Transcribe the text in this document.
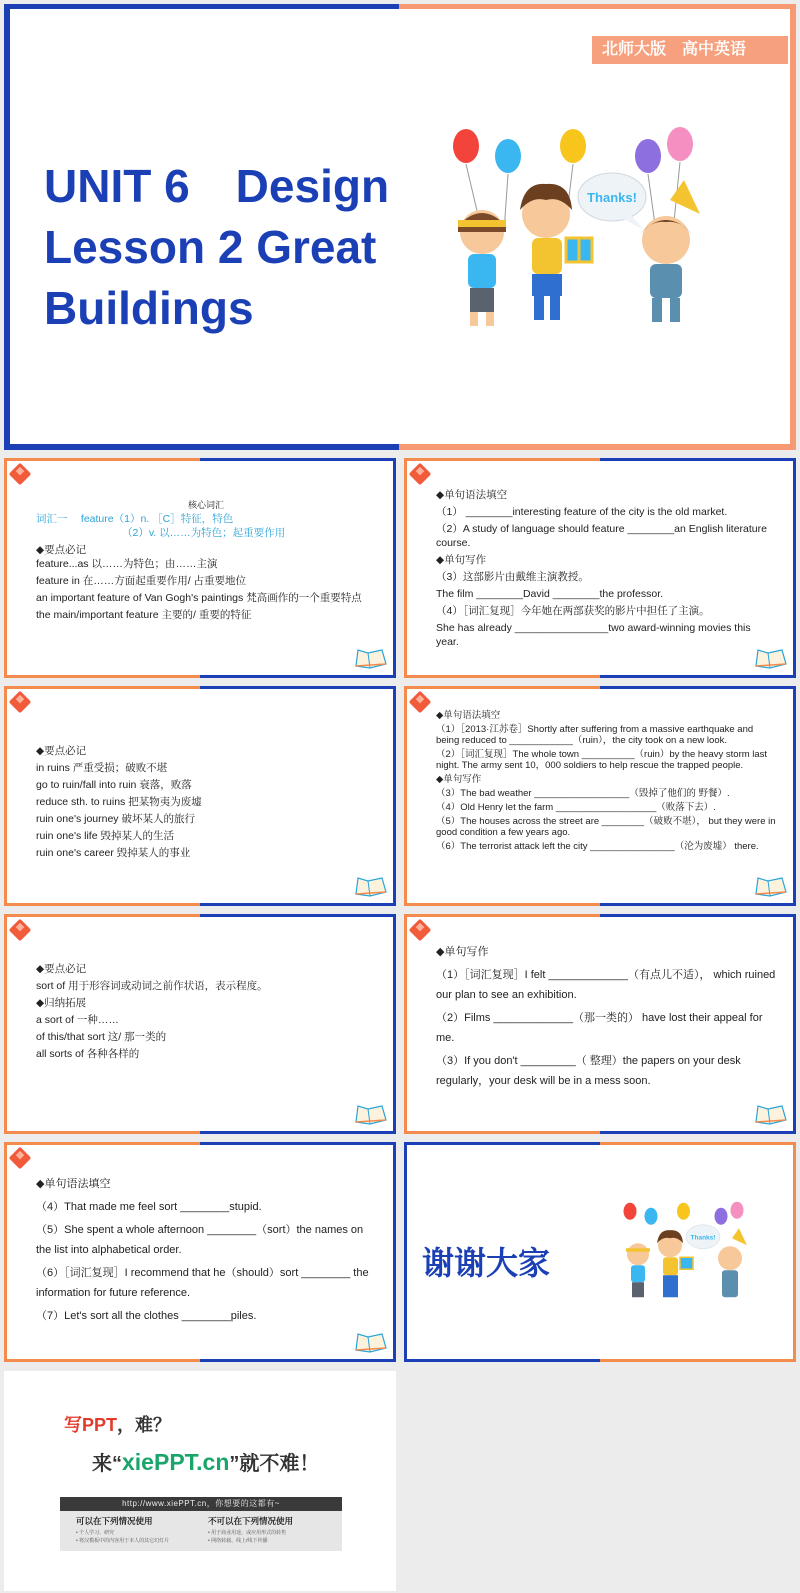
北师大版　高中英语
UNIT 6　Design
Lesson 2 Great
Buildings
Thanks!

核心词汇

词汇一　 feature（1）n. ［C］特征，特色

（2）v. 以……为特色；起重要作用

◆要点必记

feature...as 以……为特色；由……主演

feature in 在……方面起重要作用/ 占重要地位

an important feature of Van Gogh's paintings 梵高画作的一个重要特点

the main/important feature 主要的/ 重要的特征

◆单句语法填空

（1） ________interesting feature of the city is the old market.

（2）A study of language should feature ________an English literature course.

◆单句写作

（3）这部影片由戴维主演教授。

The film ________David ________the professor.

（4）［词汇复现］今年她在两部获奖的影片中担任了主演。

She has already ________________two award-winning movies this year.

◆要点必记

in ruins 严重受损；破败不堪

go to ruin/fall into ruin 衰落，败落

reduce sth. to ruins 把某物夷为废墟

ruin one's journey 破坏某人的旅行

ruin one's life 毁掉某人的生活

ruin one's career 毁掉某人的事业

◆单句语法填空

（1）［2013·江苏卷］Shortly after suffering from a massive earthquake and being reduced to ____________（ruin），the city took on a new look.

（2）［词汇复现］The whole town __________（ruin）by the heavy storm last night. The army sent 10，000 soldiers to help rescue the trapped people.

◆单句写作

（3）The bad weather __________________（毁掉了他们的 野餐）.

（4）Old Henry let the farm ___________________（败落下去）.

（5）The houses across the street are ________（破败不堪）， but they were in good condition a few years ago.

（6）The terrorist attack left the city ________________（沦为废墟） there.

◆要点必记

sort of 用于形容词或动词之前作状语，表示程度。

◆归纳拓展

a sort of 一种……

of this/that sort 这/ 那一类的

all sorts of 各种各样的

◆单句写作

（1）［词汇复现］I felt _____________（有点儿不适）， which ruined our plan to see an exhibition.

（2）Films _____________（那一类的） have lost their appeal for me.

（3）If you don't _________（ 整理）the papers on your desk regularly，your desk will be in a mess soon.

◆单句语法填空

（4）That made me feel sort ________stupid.

（5）She spent a whole afternoon ________（sort）the names on the list into alphabetical order.

（6）［词汇复现］I recommend that he（should）sort ________ the information for future reference.

（7）Let's sort all the clothes ________piles.

谢谢大家
Thanks!
写PPT，难？
来“xiePPT.cn”就不难！
http://www.xiePPT.cn，你想要的这都有~
可以在下列情况使用
• 个人学习、研究
• 将汉模板中的内容用于本人的其它幻灯片
不可以在下列情况使用
• 用于商业用途，或应用形式的转售
• 网络转载、线上/线下传播
